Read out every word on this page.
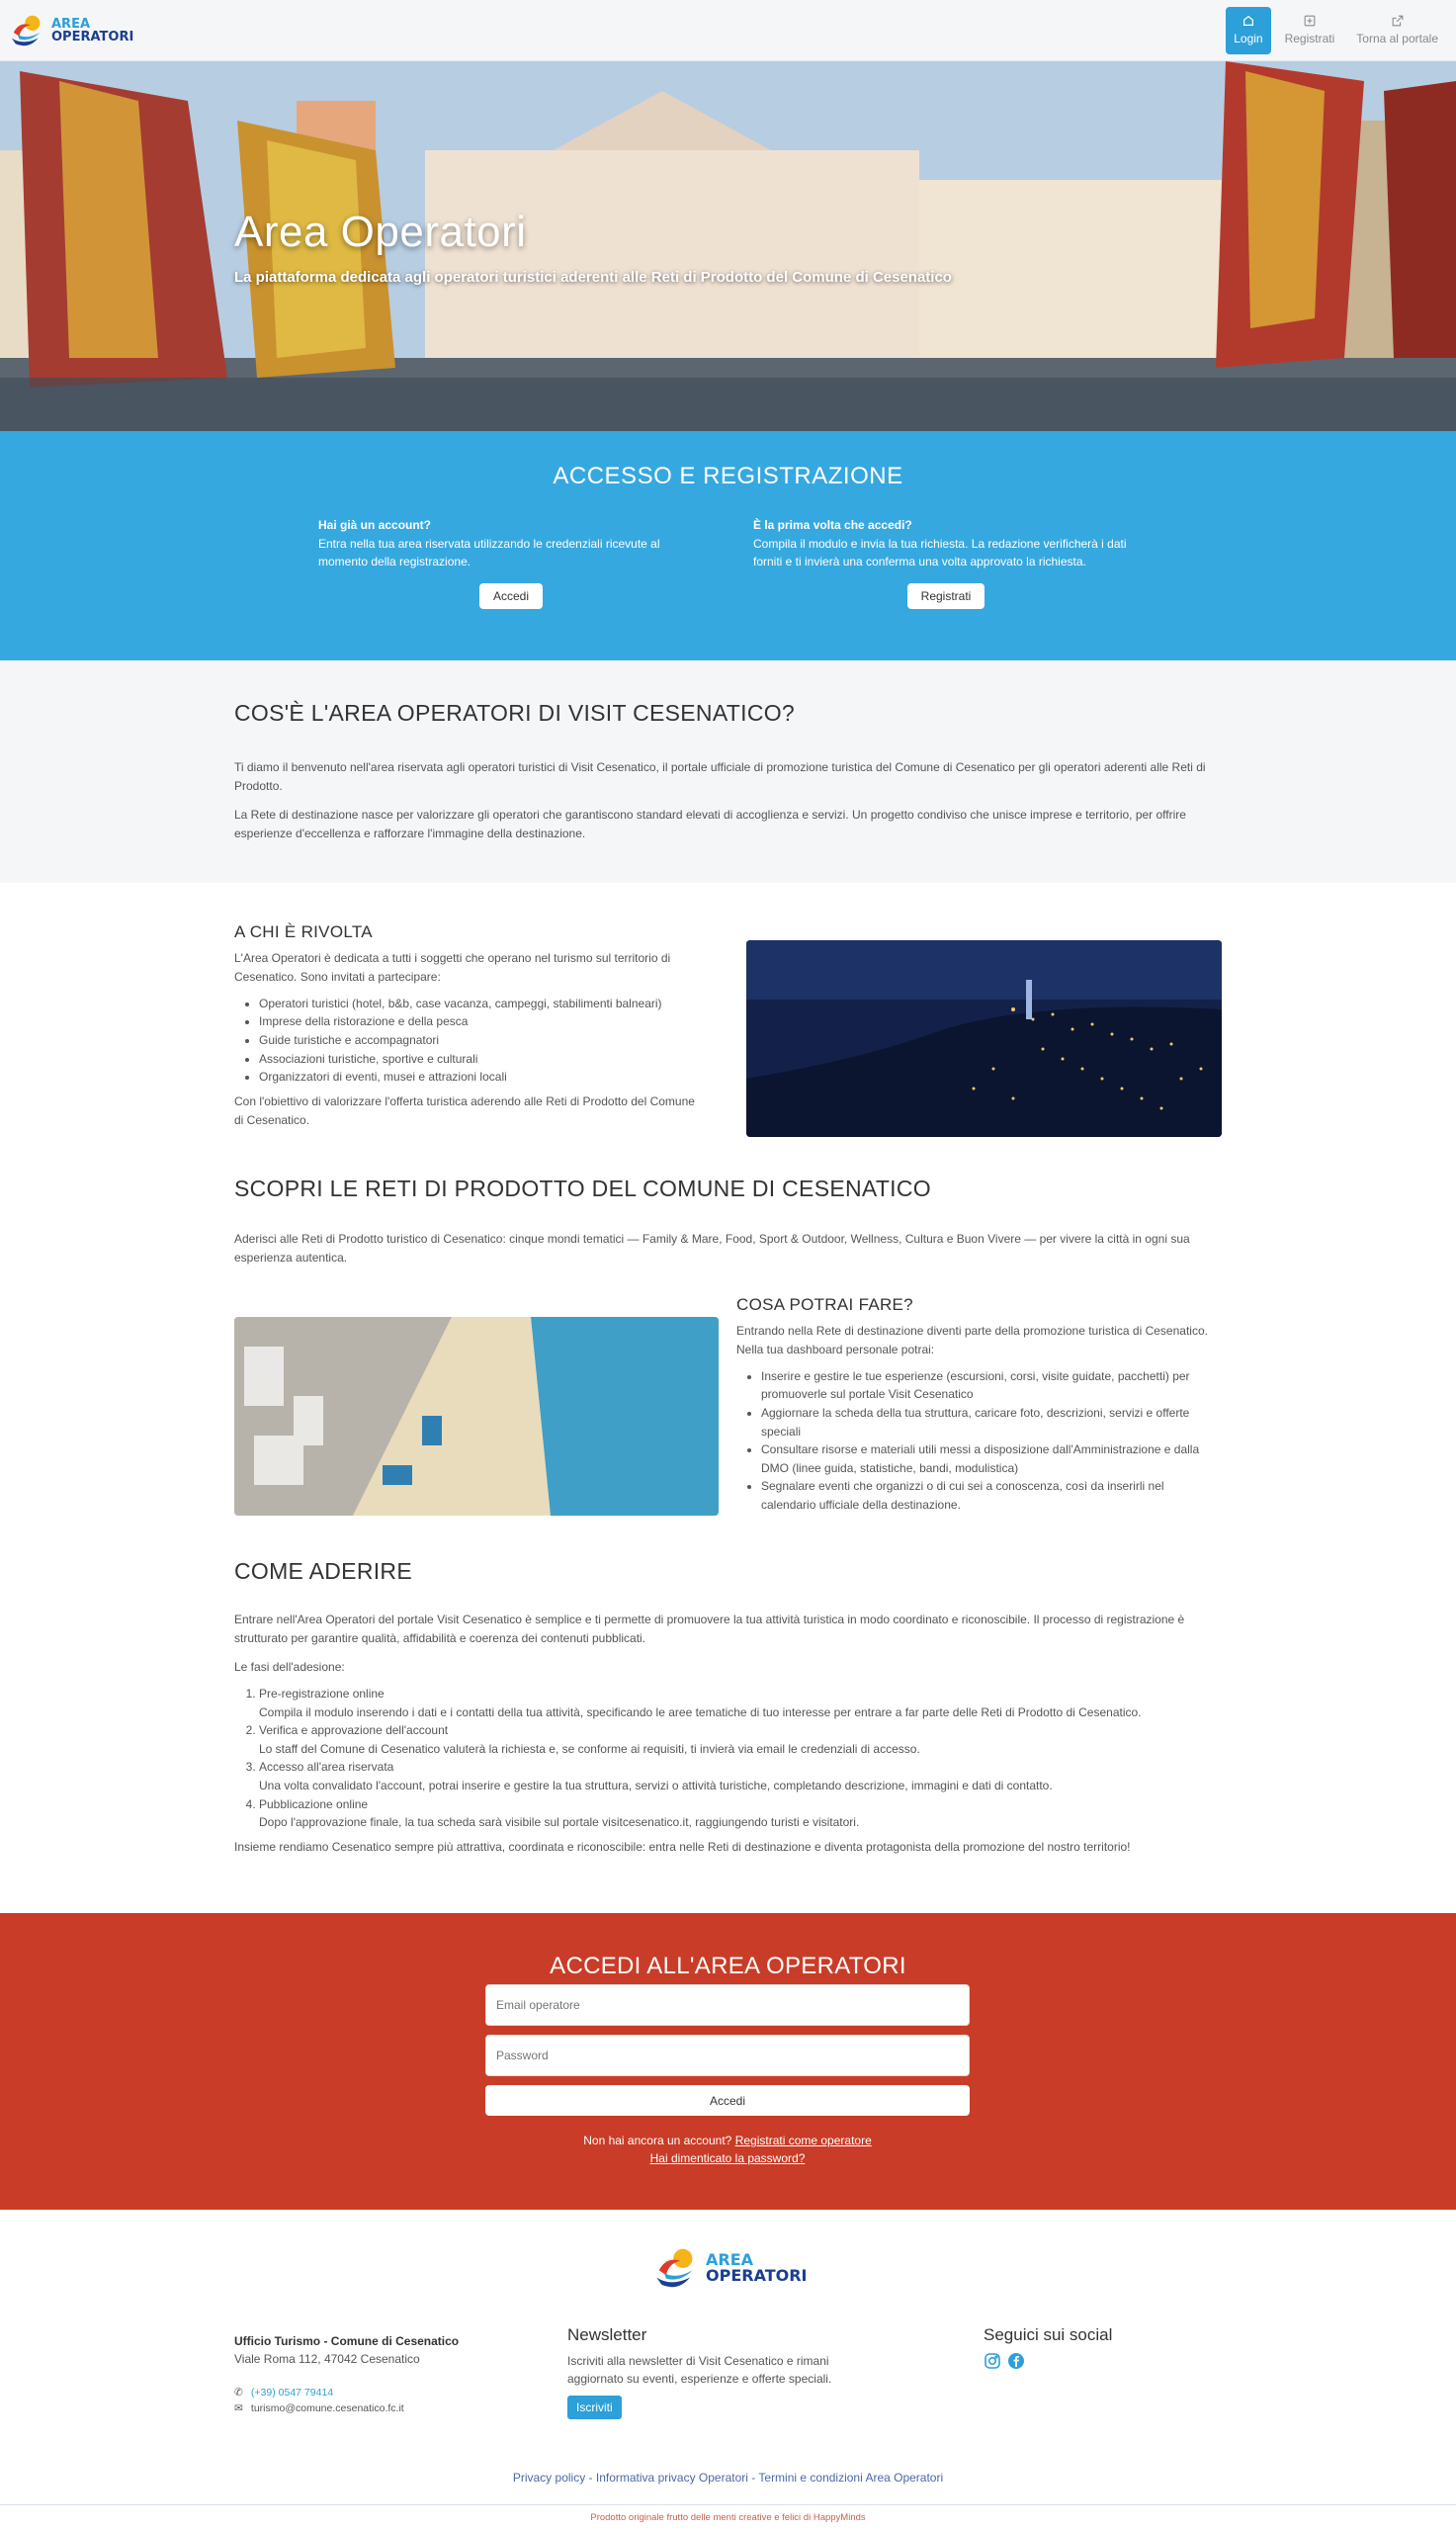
AREA
OPERATORI	Login Registrati Torna al portale
Area Operatori
La piattaforma dedicata agli operatori turistici aderenti alle Reti di Prodotto del Comune di Cesenatico
ACCESSO E REGISTRAZIONE
Hai già un account?
Entra nella tua area riservata utilizzando le credenziali ricevute al momento della registrazione.
Accedi
È la prima volta che accedi?
Compila il modulo e invia la tua richiesta. La redazione verificherà i dati forniti e ti invierà una conferma una volta approvato la richiesta.
Registrati
COS'È L'AREA OPERATORI DI VISIT CESENATICO?

Ti diamo il benvenuto nell'area riservata agli operatori turistici di Visit Cesenatico, il portale ufficiale di promozione turistica del Comune di Cesenatico per gli operatori aderenti alle Reti di Prodotto.

La Rete di destinazione nasce per valorizzare gli operatori che garantiscono standard elevati di accoglienza e servizi. Un progetto condiviso che unisce imprese e territorio, per offrire esperienze d'eccellenza e rafforzare l'immagine della destinazione.

A CHI È RIVOLTA

L'Area Operatori è dedicata a tutti i soggetti che operano nel turismo sul territorio di Cesenatico. Sono invitati a partecipare:

• Operatori turistici (hotel, b&b, case vacanza, campeggi, stabilimenti balneari)
• Imprese della ristorazione e della pesca
• Guide turistiche e accompagnatori
• Associazioni turistiche, sportive e culturali
• Organizzatori di eventi, musei e attrazioni locali

Con l'obiettivo di valorizzare l'offerta turistica aderendo alle Reti di Prodotto del Comune di Cesenatico.

SCOPRI LE RETI DI PRODOTTO DEL COMUNE DI CESENATICO

Aderisci alle Reti di Prodotto turistico di Cesenatico: cinque mondi tematici — Family & Mare, Food, Sport & Outdoor, Wellness, Cultura e Buon Vivere — per vivere la città in ogni sua esperienza autentica.

COSA POTRAI FARE?

Entrando nella Rete di destinazione diventi parte della promozione turistica di Cesenatico. Nella tua dashboard personale potrai:

• Inserire e gestire le tue esperienze (escursioni, corsi, visite guidate, pacchetti) per promuoverle sul portale Visit Cesenatico
• Aggiornare la scheda della tua struttura, caricare foto, descrizioni, servizi e offerte speciali
• Consultare risorse e materiali utili messi a disposizione dall'Amministrazione e dalla DMO (linee guida, statistiche, bandi, modulistica)
• Segnalare eventi che organizzi o di cui sei a conoscenza, così da inserirli nel calendario ufficiale della destinazione.
COME ADERIRE

Entrare nell'Area Operatori del portale Visit Cesenatico è semplice e ti permette di promuovere la tua attività turistica in modo coordinato e riconoscibile. Il processo di registrazione è strutturato per garantire qualità, affidabilità e coerenza dei contenuti pubblicati.

Le fasi dell'adesione:

1. Pre-registrazione online
Compila il modulo inserendo i dati e i contatti della tua attività, specificando le aree tematiche di tuo interesse per entrare a far parte delle Reti di Prodotto di Cesenatico.
2. Verifica e approvazione dell'account
Lo staff del Comune di Cesenatico valuterà la richiesta e, se conforme ai requisiti, ti invierà via email le credenziali di accesso.
3. Accesso all'area riservata
Una volta convalidato l'account, potrai inserire e gestire la tua struttura, servizi o attività turistiche, completando descrizione, immagini e dati di contatto.
4. Pubblicazione online
Dopo l'approvazione finale, la tua scheda sarà visibile sul portale visitcesenatico.it, raggiungendo turisti e visitatori.

Insieme rendiamo Cesenatico sempre più attrattiva, coordinata e riconoscibile: entra nelle Reti di destinazione e diventa protagonista della promozione del nostro territorio!

ACCEDI ALL'AREA OPERATORI
Email operatore
Accedi
Non hai ancora un account? Registrati come operatore
Hai dimenticato la password?
AREA
OPERATORI
Ufficio Turismo - Comune di Cesenatico
Viale Roma 112, 47042 Cesenatico
✆ (+39) 0547 79414
✉ turismo@comune.cesenatico.fc.it
Newsletter
Iscriviti alla newsletter di Visit Cesenatico e rimani aggiornato su eventi, esperienze e offerte speciali.
Iscriviti
Seguici sui social
Privacy policy - Informativa privacy Operatori - Termini e condizioni Area Operatori
Prodotto originale frutto delle menti creative e felici di HappyMinds
